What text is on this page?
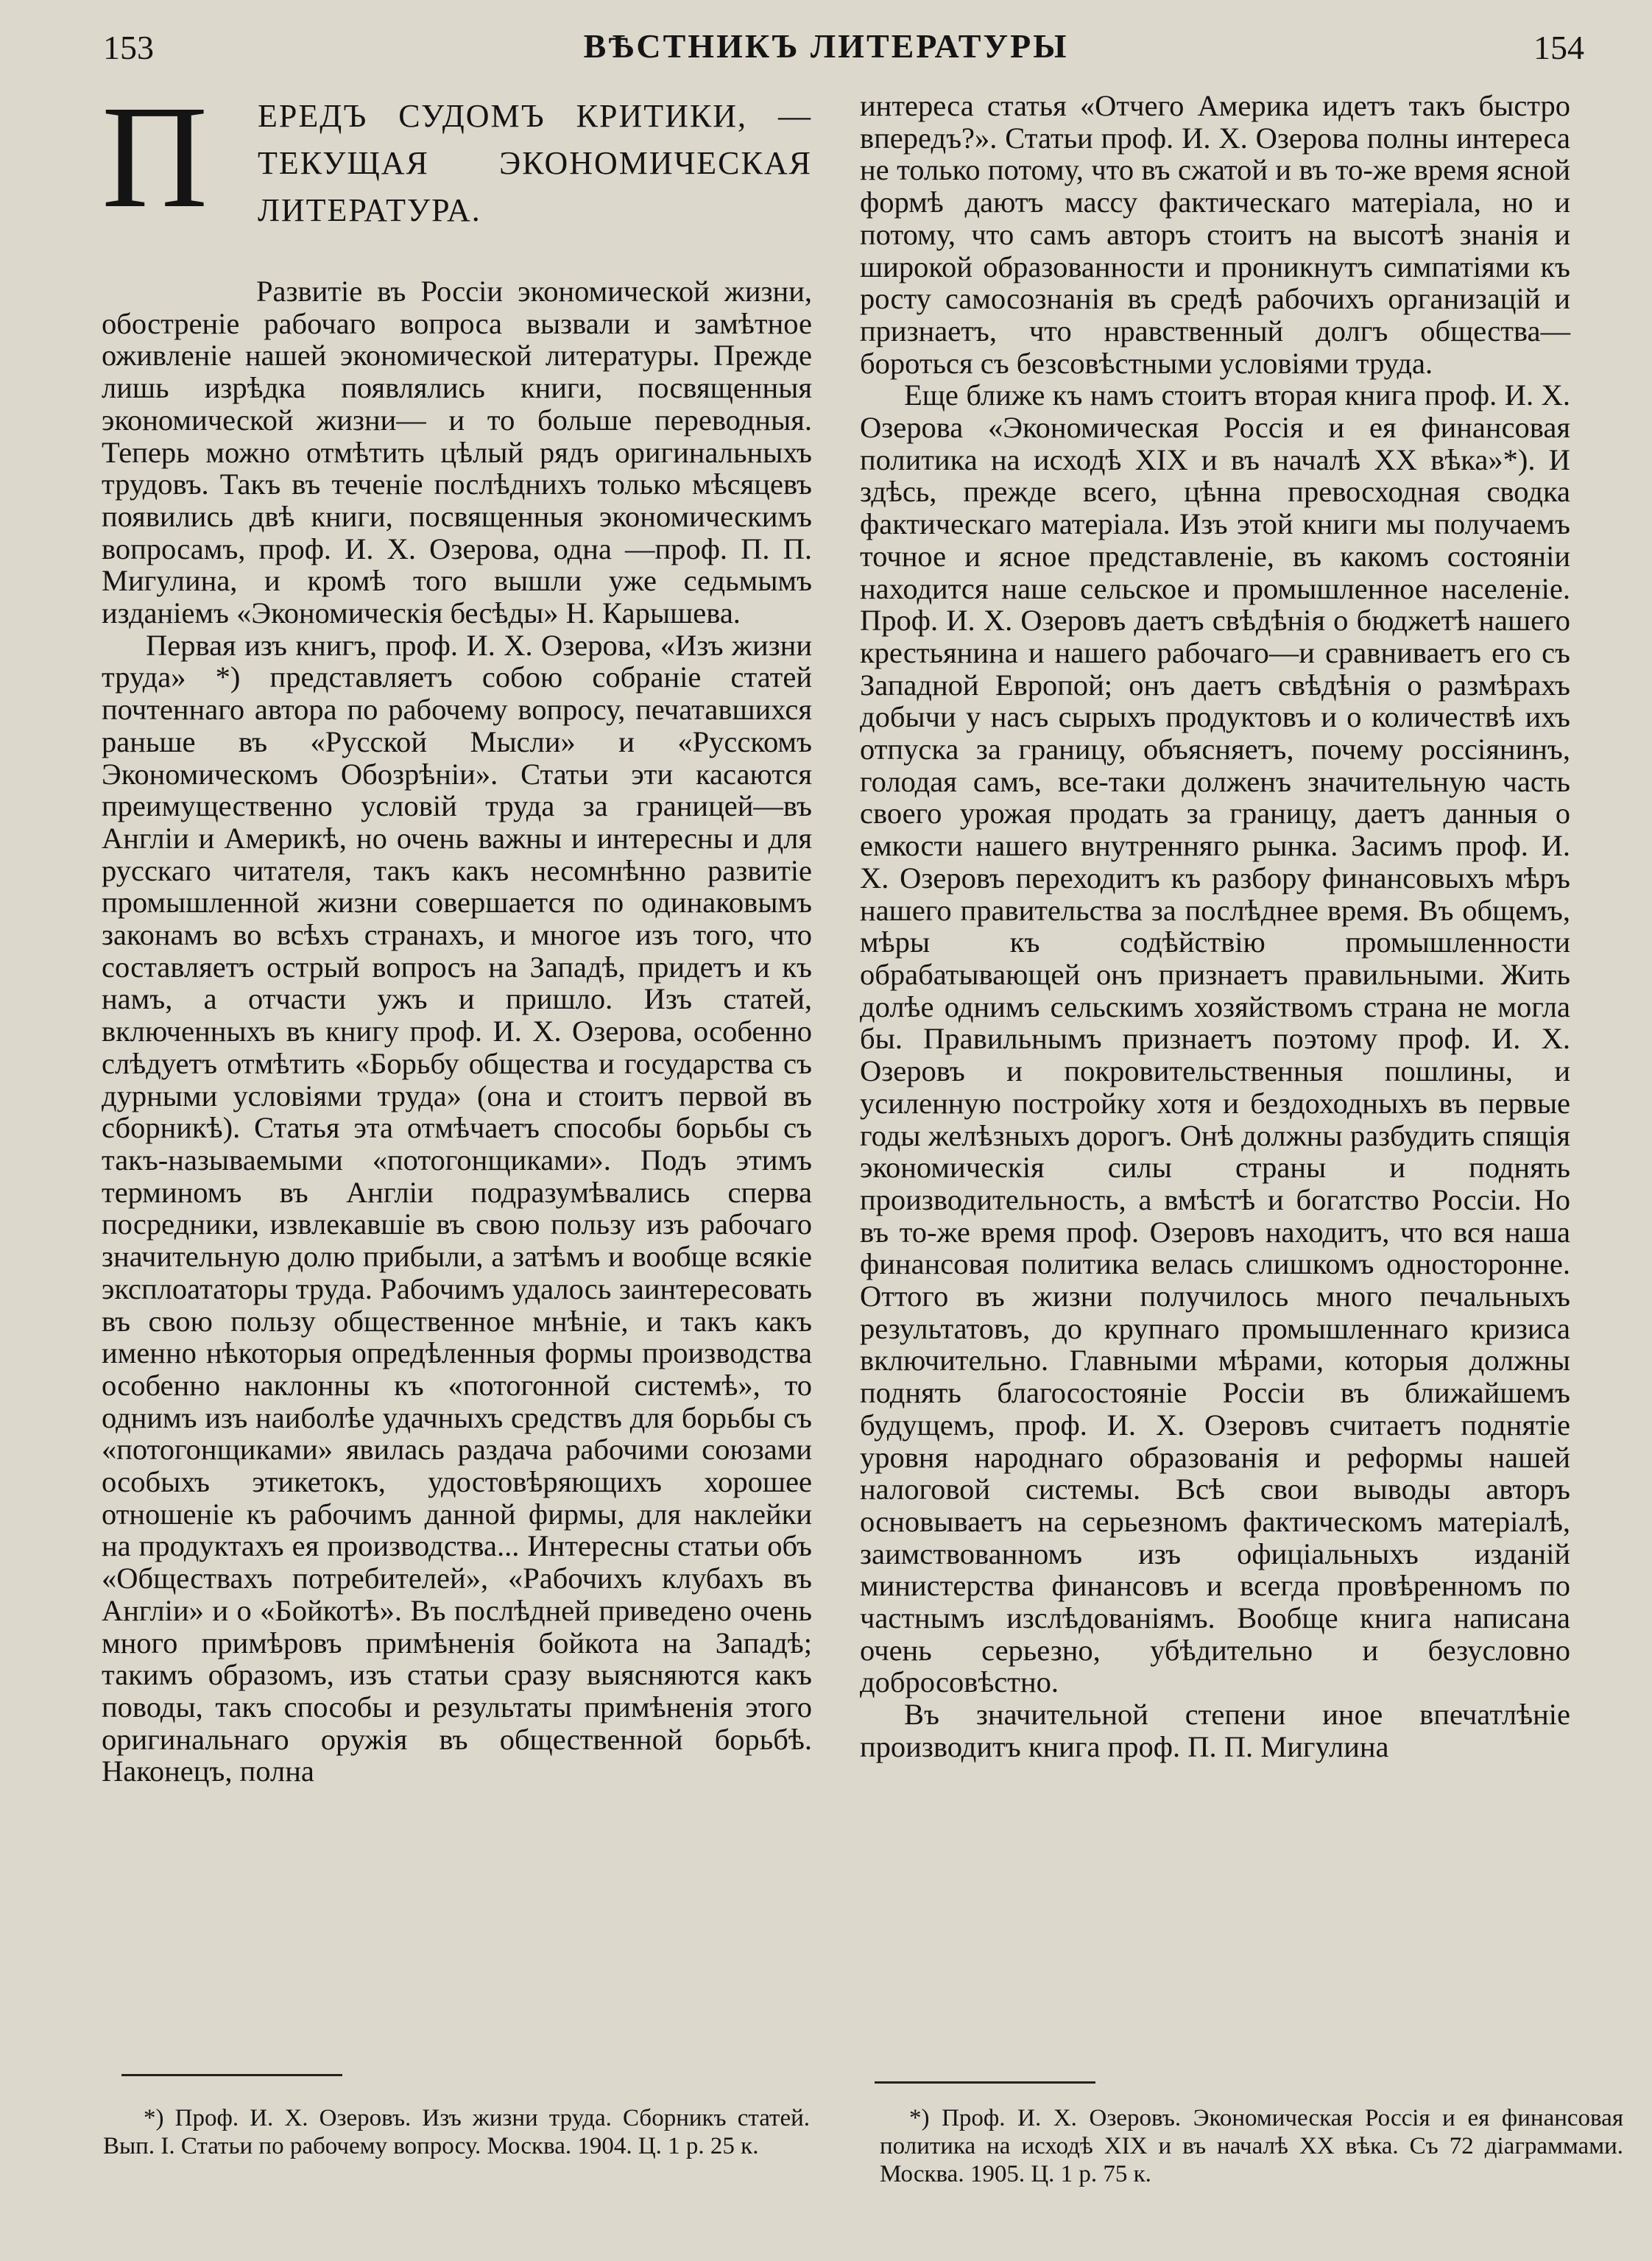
153	ВѢСТНИКЪ ЛИТЕРАТУРЫ	154
П ЕРЕДЪ СУДОМЪ КРИТИКИ, — ТЕКУЩАЯ ЭКОНОМИЧЕСКАЯ ЛИТЕРАТУРА.

Развитіе въ Россіи экономической жизни, обостреніе рабочаго вопроса вызвали и замѣтное оживленіе нашей экономической литературы. Прежде лишь изрѣдка появлялись книги, посвященныя экономической жизни— и то больше переводныя. Теперь можно отмѣтить цѣлый рядъ оригинальныхъ трудовъ. Такъ въ теченіе послѣднихъ только мѣсяцевъ появились двѣ книги, посвященныя экономическимъ вопросамъ, проф. И. Х. Озерова, одна —проф. П. П. Мигулина, и кромѣ того вышли уже седьмымъ изданіемъ «Экономическія бесѣды» Н. Карышева.

Первая изъ книгъ, проф. И. Х. Озерова, «Изъ жизни труда» *) представляетъ собою собраніе статей почтеннаго автора по рабочему вопросу, печатавшихся раньше въ «Русской Мысли» и «Русскомъ Экономическомъ Обозрѣніи». Статьи эти касаются преимущественно условій труда за границей—въ Англіи и Америкѣ, но очень важны и интересны и для русскаго читателя, такъ какъ несомнѣнно развитіе промышленной жизни совершается по одинаковымъ законамъ во всѣхъ странахъ, и многое изъ того, что составляетъ острый вопросъ на Западѣ, придетъ и къ намъ, а отчасти ужъ и пришло. Изъ статей, включенныхъ въ книгу проф. И. Х. Озерова, особенно слѣдуетъ отмѣтить «Борьбу общества и государства съ дурными условіями труда» (она и стоитъ первой въ сборникѣ). Статья эта отмѣчаетъ способы борьбы съ такъ-называемыми «потогонщиками». Подъ этимъ терминомъ въ Англіи подразумѣвались сперва посредники, извлекавшіе въ свою пользу изъ рабочаго значительную долю прибыли, а затѣмъ и вообще всякіе эксплоататоры труда. Рабочимъ удалось заинтересовать въ свою пользу общественное мнѣніе, и такъ какъ именно нѣкоторыя опредѣленныя формы производства особенно наклонны къ «потогонной системѣ», то однимъ изъ наиболѣе удачныхъ средствъ для борьбы съ «потогонщиками» явилась раздача рабочими союзами особыхъ этикетокъ, удостовѣряющихъ хорошее отношеніе къ рабочимъ данной фирмы, для наклейки на продуктахъ ея производства... Интересны статьи объ «Обществахъ потребителей», «Рабочихъ клубахъ въ Англіи» и о «Бойкотѣ». Въ послѣдней приведено очень много примѣровъ примѣненія бойкота на Западѣ; такимъ образомъ, изъ статьи сразу выясняются какъ поводы, такъ способы и результаты примѣненія этого оригинальнаго оружія въ общественной борьбѣ. Наконецъ, полна

интереса статья «Отчего Америка идетъ такъ быстро впередъ?». Статьи проф. И. Х. Озерова полны интереса не только потому, что въ сжатой и въ то-же время ясной формѣ даютъ массу фактическаго матеріала, но и потому, что самъ авторъ стоитъ на высотѣ знанія и широкой образованности и проникнутъ симпатіями къ росту самосознанія въ средѣ рабочихъ организацій и признаетъ, что нравственный долгъ общества—бороться съ безсовѣстными условіями труда.

Еще ближе къ намъ стоитъ вторая книга проф. И. Х. Озерова «Экономическая Россія и ея финансовая политика на исходѣ XIX и въ началѣ XX вѣка»*). И здѣсь, прежде всего, цѣнна превосходная сводка фактическаго матеріала. Изъ этой книги мы получаемъ точное и ясное представленіе, въ какомъ состояніи находится наше сельское и промышленное населеніе. Проф. И. Х. Озеровъ даетъ свѣдѣнія о бюджетѣ нашего крестьянина и нашего рабочаго—и сравниваетъ его съ Западной Европой; онъ даетъ свѣдѣнія о размѣрахъ добычи у насъ сырыхъ продуктовъ и о количествѣ ихъ отпуска за границу, объясняетъ, почему россіянинъ, голодая самъ, все-таки долженъ значительную часть своего урожая продать за границу, даетъ данныя о емкости нашего внутренняго рынка. Засимъ проф. И. Х. Озеровъ переходитъ къ разбору финансовыхъ мѣръ нашего правительства за послѣднее время. Въ общемъ, мѣры къ содѣйствію промышленности обрабатывающей онъ признаетъ правильными. Жить долѣе однимъ сельскимъ хозяйствомъ страна не могла бы. Правильнымъ признаетъ поэтому проф. И. Х. Озеровъ и покровительственныя пошлины, и усиленную постройку хотя и бездоходныхъ въ первые годы желѣзныхъ дорогъ. Онѣ должны разбудить спящія экономическія силы страны и поднять производительность, а вмѣстѣ и богатство Россіи. Но въ то-же время проф. Озеровъ находитъ, что вся наша финансовая политика велась слишкомъ односторонне. Оттого въ жизни получилось много печальныхъ результатовъ, до крупнаго промышленнаго кризиса включительно. Главными мѣрами, которыя должны поднять благосостояніе Россіи въ ближайшемъ будущемъ, проф. И. Х. Озеровъ считаетъ поднятіе уровня народнаго образованія и реформы нашей налоговой системы. Всѣ свои выводы авторъ основываетъ на серьезномъ фактическомъ матеріалѣ, заимствованномъ изъ офиціальныхъ изданій министерства финансовъ и всегда провѣренномъ по частнымъ изслѣдованіямъ. Вообще книга написана очень серьезно, убѣдительно и безусловно добросовѣстно.

Въ значительной степени иное впечатлѣніе производитъ книга проф. П. П. Мигулина

*) Проф. И. Х. Озеровъ. Изъ жизни труда. Сборникъ статей. Вып. I. Статьи по рабочему вопросу. Москва. 1904. Ц. 1 р. 25 к.
*) Проф. И. Х. Озеровъ. Экономическая Россія и ея финансовая политика на исходѣ XIX и въ началѣ XX вѣка. Съ 72 діаграммами. Москва. 1905. Ц. 1 р. 75 к.
